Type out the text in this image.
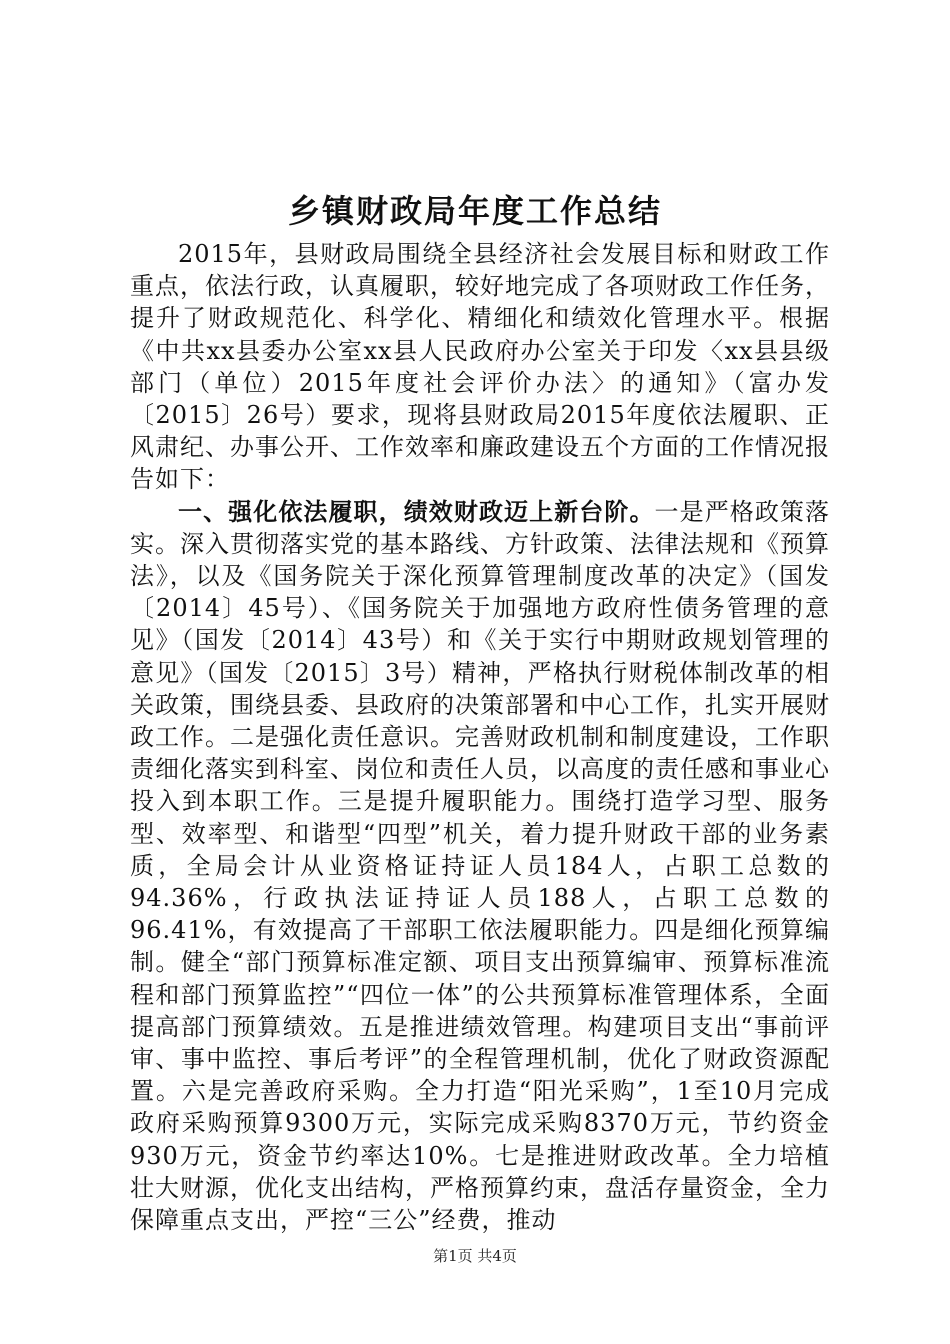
乡镇财政局年度工作总结

2015年，县财政局围绕全县经济社会发展目标和财政工作重点，依法行政，认真履职，较好地完成了各项财政工作任务，提升了财政规范化、科学化、精细化和绩效化管理水平。根据《中共xx县委办公室xx县人民政府办公室关于印发〈xx县县级部门（单位）2015年度社会评价办法〉的通知》（富办发〔2015〕26号）要求，现将县财政局2015年度依法履职、正风肃纪、办事公开、工作效率和廉政建设五个方面的工作情况报告如下：

一、强化依法履职，绩效财政迈上新台阶。一是严格政策落实。深入贯彻落实党的基本路线、方针政策、法律法规和《预算法》，以及《国务院关于深化预算管理制度改革的决定》（国发〔2014〕45号）、《国务院关于加强地方政府性债务管理的意见》（国发〔2014〕43号）和《关于实行中期财政规划管理的意见》（国发〔2015〕3号）精神，严格执行财税体制改革的相关政策，围绕县委、县政府的决策部署和中心工作，扎实开展财政工作。二是强化责任意识。完善财政机制和制度建设，工作职责细化落实到科室、岗位和责任人员，以高度的责任感和事业心投入到本职工作。三是提升履职能力。围绕打造学习型、服务型、效率型、和谐型“四型”机关，着力提升财政干部的业务素质，全局会计从业资格证持证人员184人，占职工总数的94.36%，行政执法证持证人员188人，占职工总数的96.41%，有效提高了干部职工依法履职能力。四是细化预算编制。健全“部门预算标准定额、项目支出预算编审、预算标准流程和部门预算监控”“四位一体”的公共预算标准管理体系，全面提高部门预算绩效。五是推进绩效管理。构建项目支出“事前评审、事中监控、事后考评”的全程管理机制，优化了财政资源配置。六是完善政府采购。全力打造“阳光采购”，1至10月完成政府采购预算9300万元，实际完成采购8370万元，节约资金930万元，资金节约率达10%。七是推进财政改革。全力培植壮大财源，优化支出结构，严格预算约束，盘活存量资金，全力保障重点支出，严控“三公”经费，推动

第1页 共4页
